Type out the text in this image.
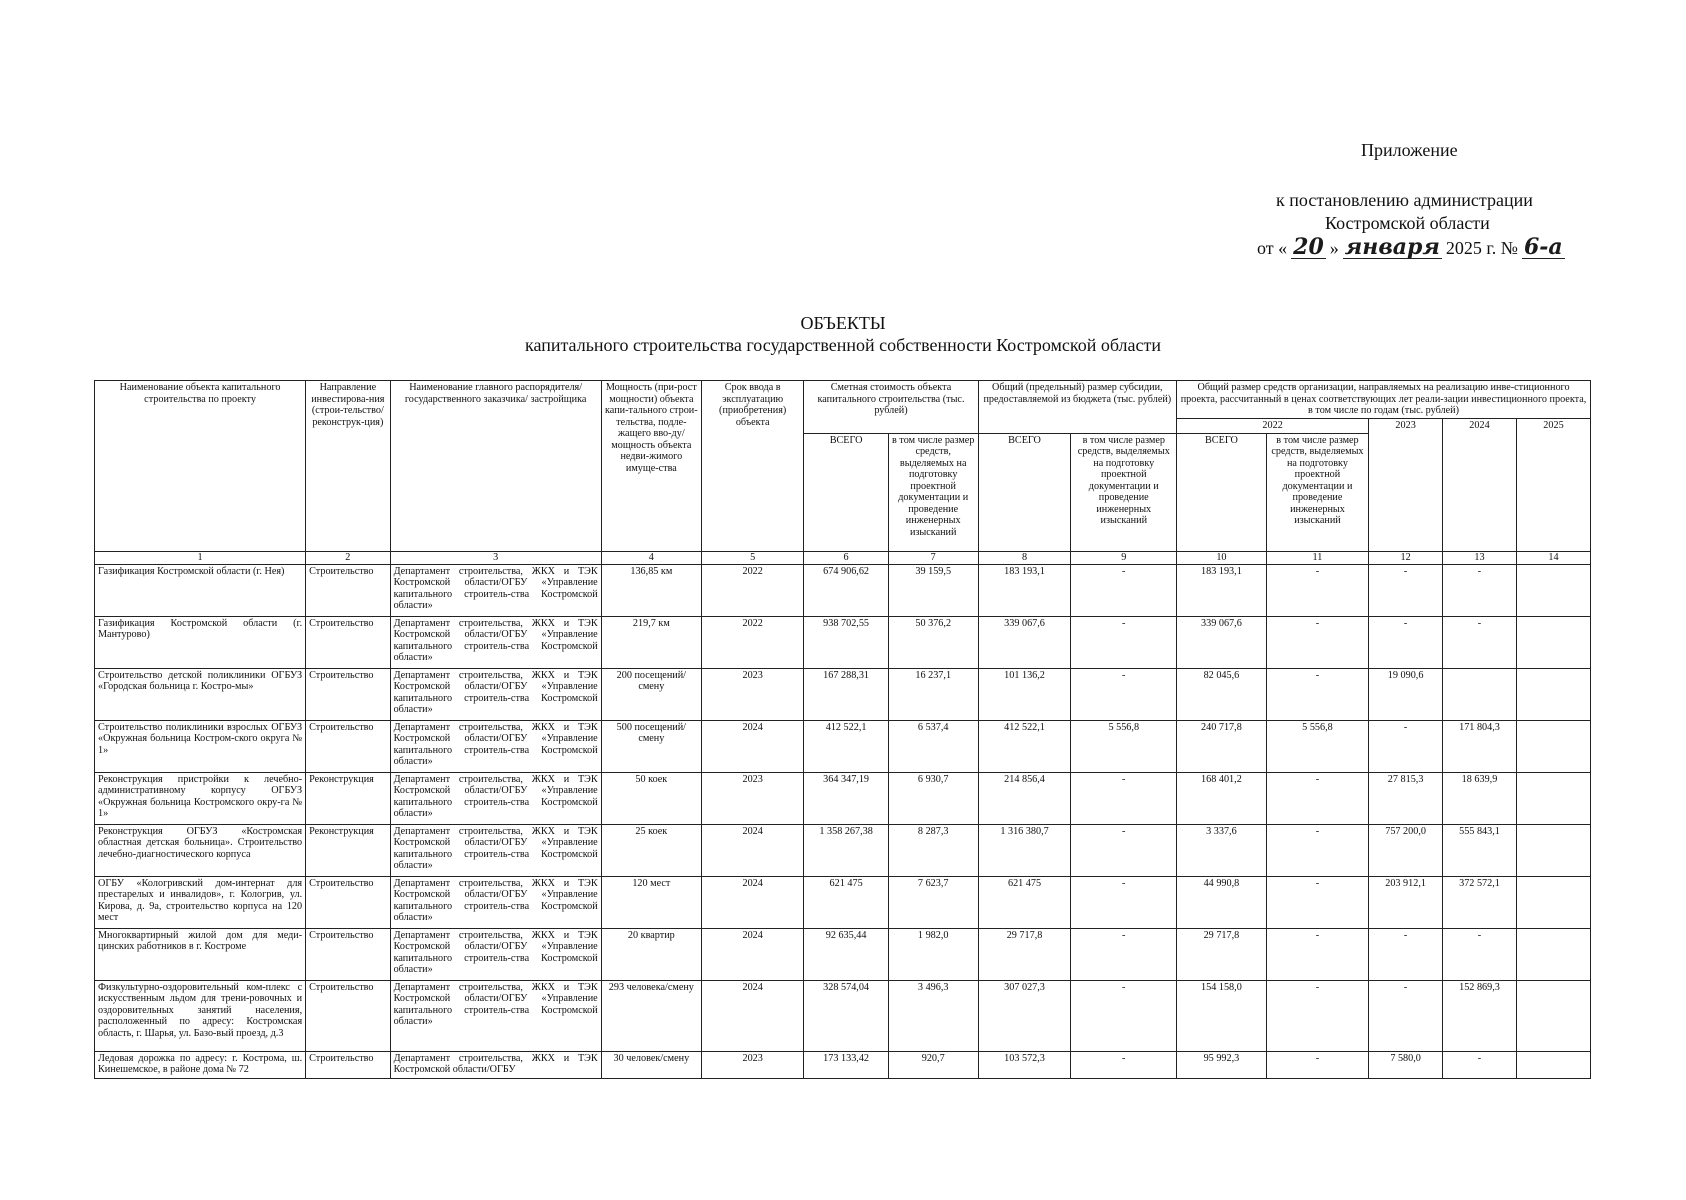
Приложение
к постановлению администрации
Костромской области
от « 20 » января 2025 г. № 6-а
ОБЪЕКТЫ
капитального строительства государственной собственности Костромской области
Наименование объекта капитального строительства по проекту	Направление инвестирова-ния (строи-тельство/ реконструк-ция)	Наименование главного распорядителя/ государственного заказчика/ застройщика	Мощность (при-рост мощности) объекта капи-тального строи-тельства, подле-жащего вво-ду/мощность объекта недви-жимого имуще-ства	Срок ввода в эксплуатацию (приобретения) объекта	Сметная стоимость объекта капитального строительства (тыс. рублей)		Общий (предельный) размер субсидии, предоставляемой из бюджета (тыс. рублей)		Общий размер средств организации, направляемых на реализацию инве-стиционного проекта, рассчитанный в ценах соответствующих лет реали-зации инвестиционного проекта, в том числе по годам (тыс. рублей)				
									2022		2023	2024	2025
					ВСЕГО	в том числе размер средств, выделяемых на подготовку проектной документации и проведение инженерных изысканий	ВСЕГО	в том числе размер средств, выделяемых на подготовку проектной документации и проведение инженерных изысканий	ВСЕГО	в том числе размер средств, выделяемых на подготовку проектной документации и проведение инженерных изысканий			
1	2	3	4	5	6	7	8	9	10	11	12	13	14
Газификация Костромской области (г. Нея)	Строительство	Департамент строительства, ЖКХ и ТЭК Костромской области/ОГБУ «Управление капитального строитель-ства Костромской области»	136,85 км	2022	674 906,62	39 159,5	183 193,1	-	183 193,1	-	-	-	
Газификация Костромской области (г. Мантурово)	Строительство	Департамент строительства, ЖКХ и ТЭК Костромской области/ОГБУ «Управление капитального строитель-ства Костромской области»	219,7 км	2022	938 702,55	50 376,2	339 067,6	-	339 067,6	-	-	-	
Строительство детской поликлиники ОГБУЗ «Городская больница г. Костро-мы»	Строительство	Департамент строительства, ЖКХ и ТЭК Костромской области/ОГБУ «Управление капитального строитель-ства Костромской области»	200 посещений/ смену	2023	167 288,31	16 237,1	101 136,2	-	82 045,6	-	19 090,6		
Строительство поликлиники взрослых ОГБУЗ «Окружная больница Костром-ского округа № 1»	Строительство	Департамент строительства, ЖКХ и ТЭК Костромской области/ОГБУ «Управление капитального строитель-ства Костромской области»	500 посещений/ смену	2024	412 522,1	6 537,4	412 522,1	5 556,8	240 717,8	5 556,8	-	171 804,3	
Реконструкция пристройки к лечебно-административному корпусу ОГБУЗ «Окружная больница Костромского окру-га № 1»	Реконструкция	Департамент строительства, ЖКХ и ТЭК Костромской области/ОГБУ «Управление капитального строитель-ства Костромской области»	50 коек	2023	364 347,19	6 930,7	214 856,4	-	168 401,2	-	27 815,3	18 639,9	
Реконструкция ОГБУЗ «Костромская областная детская больница». Строительство лечебно-диагностического корпуса	Реконструкция	Департамент строительства, ЖКХ и ТЭК Костромской области/ОГБУ «Управление капитального строитель-ства Костромской области»	25 коек	2024	1 358 267,38	8 287,3	1 316 380,7	-	3 337,6	-	757 200,0	555 843,1	
ОГБУ «Кологривский дом-интернат для престарелых и инвалидов», г. Кологрив, ул. Кирова, д. 9а, строительство корпуса на 120 мест	Строительство	Департамент строительства, ЖКХ и ТЭК Костромской области/ОГБУ «Управление капитального строитель-ства Костромской области»	120 мест	2024	621 475	7 623,7	621 475	-	44 990,8	-	203 912,1	372 572,1	
Многоквартирный жилой дом для меди-цинских работников в г. Костроме	Строительство	Департамент строительства, ЖКХ и ТЭК Костромской области/ОГБУ «Управление капитального строитель-ства Костромской области»	20 квартир	2024	92 635,44	1 982,0	29 717,8	-	29 717,8	-	-	-	
Физкультурно-оздоровительный ком-плекс с искусственным льдом для трени-ровочных и оздоровительных занятий населения, расположенный по адресу: Костромская область, г. Шарья, ул. Базо-вый проезд, д.3	Строительство	Департамент строительства, ЖКХ и ТЭК Костромской области/ОГБУ «Управление капитального строитель-ства Костромской области»	293 человека/смену	2024	328 574,04	3 496,3	307 027,3	-	154 158,0	-	-	152 869,3	
Ледовая дорожка по адресу: г. Кострома, ш. Кинешемское, в районе дома № 72	Строительство	Департамент строительства, ЖКХ и ТЭК Костромской области/ОГБУ	30 человек/смену	2023	173 133,42	920,7	103 572,3	-	95 992,3	-	7 580,0	-	
